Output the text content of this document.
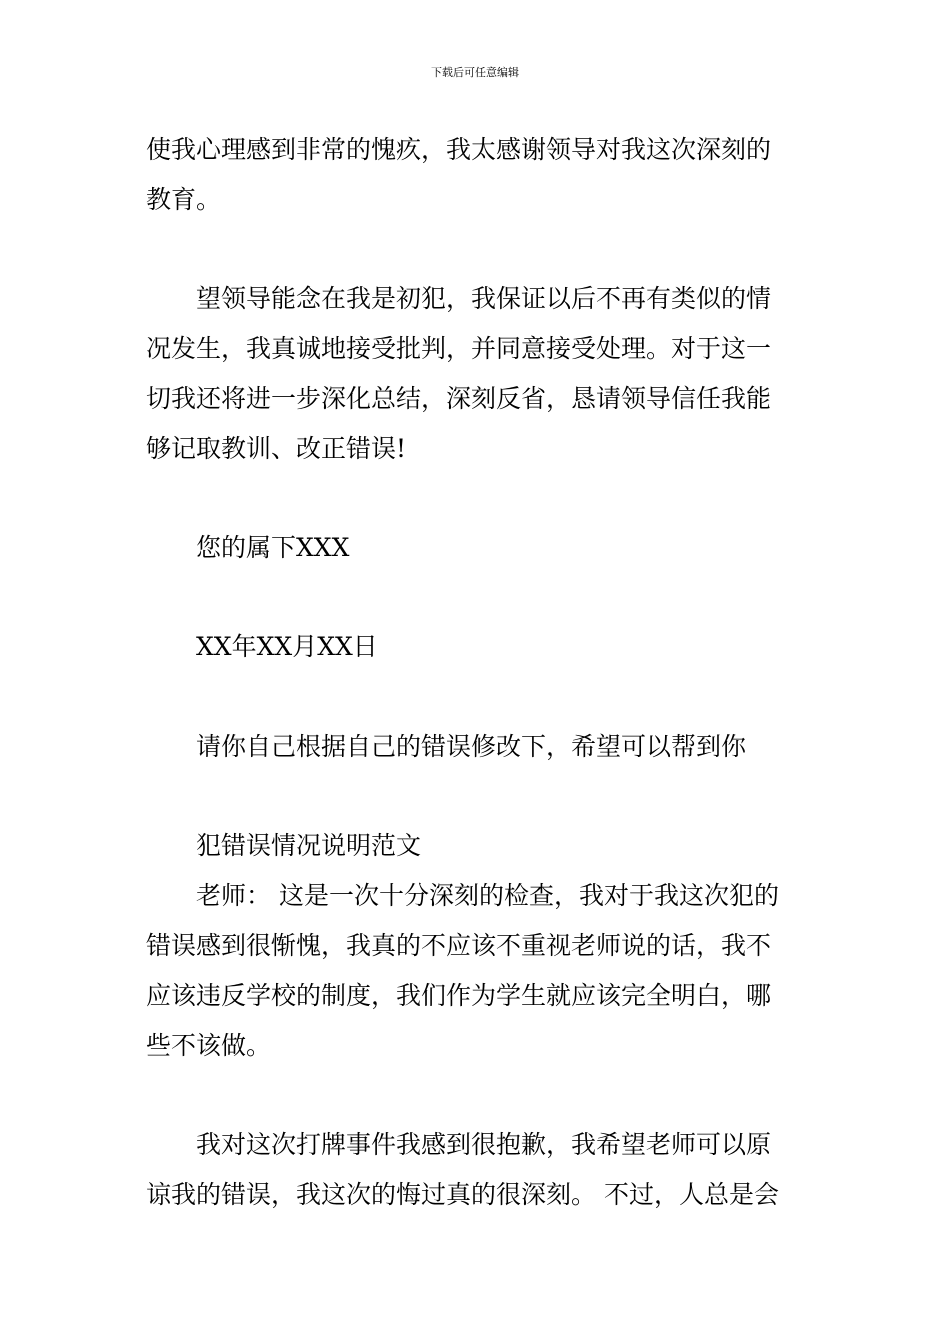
下载后可任意编辑
使我心理感到非常的愧疚，我太感谢领导对我这次深刻的
教育。
望领导能念在我是初犯，我保证以后不再有类似的情
况发生，我真诚地接受批判，并同意接受处理。对于这一
切我还将进一步深化总结，深刻反省，恳请领导信任我能
够记取教训、改正错误!
您的属下XXX
XX年XX月XX日
请你自己根据自己的错误修改下，希望可以帮到你
犯错误情况说明范文
老师： 这是一次十分深刻的检查，我对于我这次犯的
错误感到很惭愧，我真的不应该不重视老师说的话，我不
应该违反学校的制度，我们作为学生就应该完全明白，哪
些不该做。
我对这次打牌事件我感到很抱歉，我希望老师可以原
谅我的错误，我这次的悔过真的很深刻。 不过，人总是会
